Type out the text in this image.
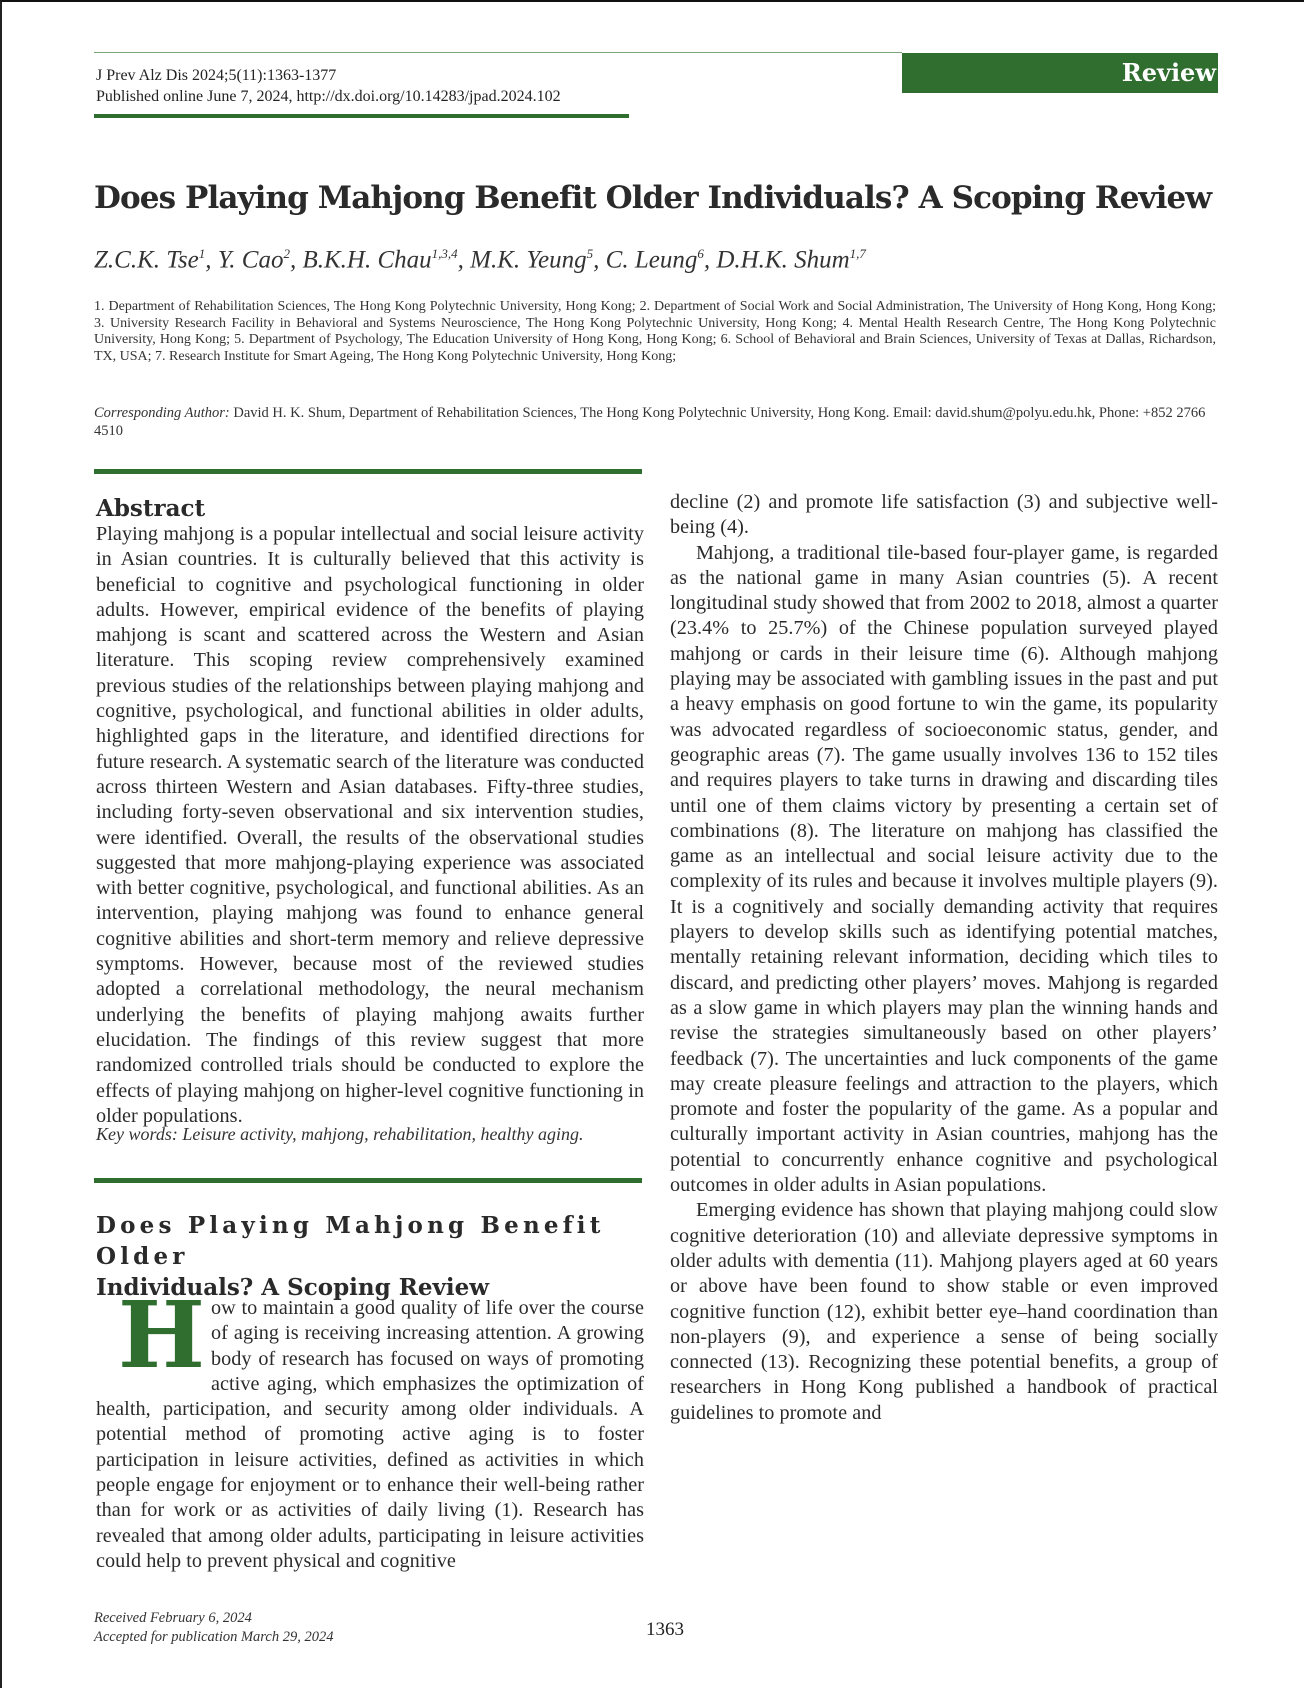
J Prev Alz Dis 2024;5(11):1363-1377
Published online June 7, 2024, http://dx.doi.org/10.14283/jpad.2024.102
Review
Does Playing Mahjong Benefit Older Individuals? A Scoping Review
Z.C.K. Tse$^1$, Y. Cao$^2$, B.K.H. Chau$^{1,3,4}$, M.K. Yeung$^5$, C. Leung$^6$, D.H.K. Shum$^{1,7}$
1. Department of Rehabilitation Sciences, The Hong Kong Polytechnic University, Hong Kong; 2. Department of Social Work and Social Administration, The University of Hong Kong, Hong Kong; 3. University Research Facility in Behavioral and Systems Neuroscience, The Hong Kong Polytechnic University, Hong Kong; 4. Mental Health Research Centre, The Hong Kong Polytechnic University, Hong Kong; 5. Department of Psychology, The Education University of Hong Kong, Hong Kong; 6. School of Behavioral and Brain Sciences, University of Texas at Dallas, Richardson, TX, USA; 7. Research Institute for Smart Ageing, The Hong Kong Polytechnic University, Hong Kong;
Corresponding Author: David H. K. Shum, Department of Rehabilitation Sciences, The Hong Kong Polytechnic University, Hong Kong. Email: david.shum@polyu.edu.hk, Phone: +852 2766 4510
Abstract
Playing mahjong is a popular intellectual and social leisure activity in Asian countries. It is culturally believed that this activity is beneficial to cognitive and psychological functioning in older adults. However, empirical evidence of the benefits of playing mahjong is scant and scattered across the Western and Asian literature. This scoping review comprehensively examined previous studies of the relationships between playing mahjong and cognitive, psychological, and functional abilities in older adults, highlighted gaps in the literature, and identified directions for future research. A systematic search of the literature was conducted across thirteen Western and Asian databases. Fifty-three studies, including forty-seven observational and six intervention studies, were identified. Overall, the results of the observational studies suggested that more mahjong-playing experience was associated with better cognitive, psychological, and functional abilities. As an intervention, playing mahjong was found to enhance general cognitive abilities and short-term memory and relieve depressive symptoms. However, because most of the reviewed studies adopted a correlational methodology, the neural mechanism underlying the benefits of playing mahjong awaits further elucidation. The findings of this review suggest that more randomized controlled trials should be conducted to explore the effects of playing mahjong on higher-level cognitive functioning in older populations.
Key words: Leisure activity, mahjong, rehabilitation, healthy aging.
Does Playing Mahjong Benefit Older
Individuals? A Scoping Review
How to maintain a good quality of life over the course of aging is receiving increasing attention. A growing body of research has focused on ways of promoting active aging, which emphasizes the optimization of health, participation, and security among older individuals. A potential method of promoting active aging is to foster participation in leisure activities, defined as activities in which people engage for enjoyment or to enhance their well-being rather than for work or as activities of daily living (1). Research has revealed that among older adults, participating in leisure activities could help to prevent physical and cognitive

decline (2) and promote life satisfaction (3) and subjective well-being (4).

Mahjong, a traditional tile-based four-player game, is regarded as the national game in many Asian countries (5). A recent longitudinal study showed that from 2002 to 2018, almost a quarter (23.4% to 25.7%) of the Chinese population surveyed played mahjong or cards in their leisure time (6). Although mahjong playing may be associated with gambling issues in the past and put a heavy emphasis on good fortune to win the game, its popularity was advocated regardless of socioeconomic status, gender, and geographic areas (7). The game usually involves 136 to 152 tiles and requires players to take turns in drawing and discarding tiles until one of them claims victory by presenting a certain set of combinations (8). The literature on mahjong has classified the game as an intellectual and social leisure activity due to the complexity of its rules and because it involves multiple players (9). It is a cognitively and socially demanding activity that requires players to develop skills such as identifying potential matches, mentally retaining relevant information, deciding which tiles to discard, and predicting other players’ moves. Mahjong is regarded as a slow game in which players may plan the winning hands and revise the strategies simultaneously based on other players’ feedback (7). The uncertainties and luck components of the game may create pleasure feelings and attraction to the players, which promote and foster the popularity of the game. As a popular and culturally important activity in Asian countries, mahjong has the potential to concurrently enhance cognitive and psychological outcomes in older adults in Asian populations.

Emerging evidence has shown that playing mahjong could slow cognitive deterioration (10) and alleviate depressive symptoms in older adults with dementia (11). Mahjong players aged at 60 years or above have been found to show stable or even improved cognitive function (12), exhibit better eye–hand coordination than non-players (9), and experience a sense of being socially connected (13). Recognizing these potential benefits, a group of researchers in Hong Kong published a handbook of practical guidelines to promote and

Received February 6, 2024
Accepted for publication March 29, 2024	1363
